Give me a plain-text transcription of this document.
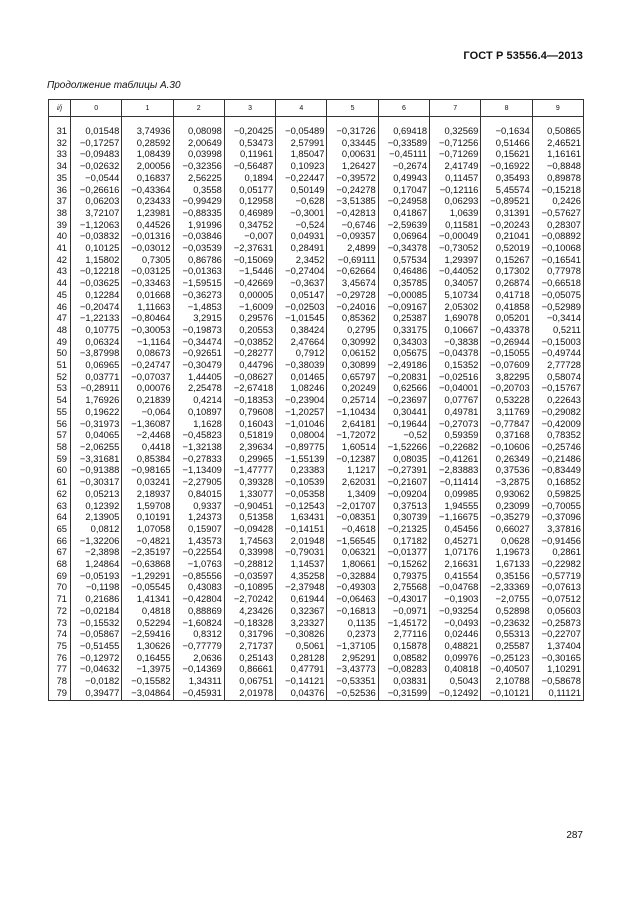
ГОСТ Р 53556.4—2013
Продолжение таблицы А.30
i/j	0	1	2	3	4	5	6	7	8	9
31	0,01548	3,74936	0,08098	−0,20425	−0,05489	−0,31726	0,69418	0,32569	−0,1634	0,50865
32	−0,17257	0,28592	2,00649	0,53473	2,57991	0,33445	−0,33589	−0,71256	0,51466	2,46521
33	−0,09483	1,08439	0,03998	0,11961	1,85047	0,00631	−0,45111	−0,71269	0,15621	1,16161
34	−0,02632	2,00056	−0,32356	−0,56487	0,10923	1,26427	−0,2674	2,41749	−0,16922	−0,8848
35	−0,0544	0,16837	2,56225	0,1894	−0,22447	−0,39572	0,49943	0,11457	0,35493	0,89878
36	−0,26616	−0,43364	0,3558	0,05177	0,50149	−0,24278	0,17047	−0,12116	5,45574	−0,15218
37	0,06203	0,23433	−0,99429	0,12958	−0,628	−3,51385	−0,24958	0,06293	−0,89521	0,2426
38	3,72107	1,23981	−0,88335	0,46989	−0,3001	−0,42813	0,41867	1,0639	0,31391	−0,57627
39	−1,12063	0,44526	1,91996	0,34752	−0,524	−0,6746	−2,59639	0,11581	−0,20243	0,28307
40	−0,03832	−0,01316	−0,03846	−0,007	0,04931	−0,09357	0,06964	−0,00049	0,21041	−0,08892
41	0,10125	−0,03012	−0,03539	−2,37631	0,28491	2,4899	−0,34378	−0,73052	0,52019	−0,10068
42	1,15802	0,7305	0,86786	−0,15069	2,3452	−0,69111	0,57534	1,29397	0,15267	−0,16541
43	−0,12218	−0,03125	−0,01363	−1,5446	−0,27404	−0,62664	0,46486	−0,44052	0,17302	0,77978
44	−0,03625	−0,33463	−1,59515	−0,42669	−0,3637	3,45674	0,35785	0,34057	0,26874	−0,66518
45	0,12284	0,01668	−0,36273	0,00005	0,05147	−0,29728	−0,00085	5,10734	0,41718	−0,05075
46	−0,20474	1,11663	−1,4853	−1,6009	−0,02503	−0,24016	−0,09167	2,05302	0,41858	−0,52989
47	−1,22133	−0,80464	3,2915	0,29576	−1,01545	0,85362	0,25387	1,69078	0,05201	−0,3414
48	0,10775	−0,30053	−0,19873	0,20553	0,38424	0,2795	0,33175	0,10667	−0,43378	0,5211
49	0,06324	−1,1164	−0,34474	−0,03852	2,47664	0,30992	0,34303	−0,3838	−0,26944	−0,15003
50	−3,87998	0,08673	−0,92651	−0,28277	0,7912	0,06152	0,05675	−0,04378	−0,15055	−0,49744
51	0,06965	−0,24747	−0,30479	0,44796	−0,38039	0,30899	−2,49186	0,15352	−0,07609	2,77728
52	0,03771	−0,07037	1,44405	−0,08627	0,01465	0,65797	−0,20831	−0,02516	3,82295	0,58074
53	−0,28911	0,00076	2,25478	−2,67418	1,08246	0,20249	0,62566	−0,04001	−0,20703	−0,15767
54	1,76926	0,21839	0,4214	−0,18353	−0,23904	0,25714	−0,23697	0,07767	0,53228	0,22643
55	0,19622	−0,064	0,10897	0,79608	−1,20257	−1,10434	0,30441	0,49781	3,11769	−0,29082
56	−0,31973	−1,36087	1,1628	0,16043	−1,01046	2,64181	−0,19644	−0,27073	−0,77847	−0,42009
57	0,04065	−2,4468	−0,45823	0,51819	0,08004	−1,72072	−0,52	0,59359	0,37168	0,78352
58	−2,06255	0,4418	−1,32138	2,39634	−0,89775	1,60514	−1,52266	−0,22682	−0,10606	−0,25746
59	−3,31681	0,85384	−0,27833	0,29965	−1,55139	−0,12387	0,08035	−0,41261	0,26349	−0,21486
60	−0,91388	−0,98165	−1,13409	−1,47777	0,23383	1,1217	−0,27391	−2,83883	0,37536	−0,83449
61	−0,30317	0,03241	−2,27905	0,39328	−0,10539	2,62031	−0,21607	−0,11414	−3,2875	0,16852
62	0,05213	2,18937	0,84015	1,33077	−0,05358	1,3409	−0,09204	0,09985	0,93062	0,59825
63	0,12392	1,59708	0,9337	−0,90451	−0,12543	−2,01707	0,37513	1,94555	0,23099	−0,70055
64	2,13905	0,10191	1,24373	0,51358	1,63431	−0,08351	0,30739	−1,16675	−0,35279	−0,37096
65	0,0812	1,07058	0,15907	−0,09428	−0,14151	−0,4618	−0,21325	0,45456	0,66027	3,37816
66	−1,32206	−0,4821	1,43573	1,74563	2,01948	−1,56545	0,17182	0,45271	0,0628	−0,91456
67	−2,3898	−2,35197	−0,22554	0,33998	−0,79031	0,06321	−0,01377	1,07176	1,19673	0,2861
68	1,24864	−0,63868	−1,0763	−0,28812	1,14537	1,80661	−0,15262	2,16631	1,67133	−0,22982
69	−0,05193	−1,29291	−0,85556	−0,03597	4,35258	−0,32884	0,79375	0,41554	0,35156	−0,57719
70	−0,1198	−0,05545	0,43083	−0,10895	−2,37948	−0,49303	2,75568	−0,04768	−2,33369	−0,07613
71	0,21686	1,41341	−0,42804	−2,70242	0,61944	−0,06463	−0,43017	−0,1903	−2,0755	−0,07512
72	−0,02184	0,4818	0,88869	4,23426	0,32367	−0,16813	−0,0971	−0,93254	0,52898	0,05603
73	−0,15532	0,52294	−1,60824	−0,18328	3,23327	0,1135	−1,45172	−0,0493	−0,23632	−0,25873
74	−0,05867	−2,59416	0,8312	0,31796	−0,30826	0,2373	2,77116	0,02446	0,55313	−0,22707
75	−0,51455	1,30626	−0,77779	2,71737	0,5061	−1,37105	0,15878	0,48821	0,25587	1,37404
76	−0,12972	0,16455	2,0636	0,25143	0,28128	2,95291	0,08582	0,09976	−0,25123	−0,30165
77	−0,04632	−1,3975	−0,14369	0,86661	0,47791	−3,43773	−0,08283	0,40818	−0,40507	1,10291
78	−0,0182	−0,15582	1,34311	0,06751	−0,14121	−0,53351	0,03831	0,5043	2,10788	−0,58678
79	0,39477	−3,04864	−0,45931	2,01978	0,04376	−0,52536	−0,31599	−0,12492	−0,10121	0,11121
287
